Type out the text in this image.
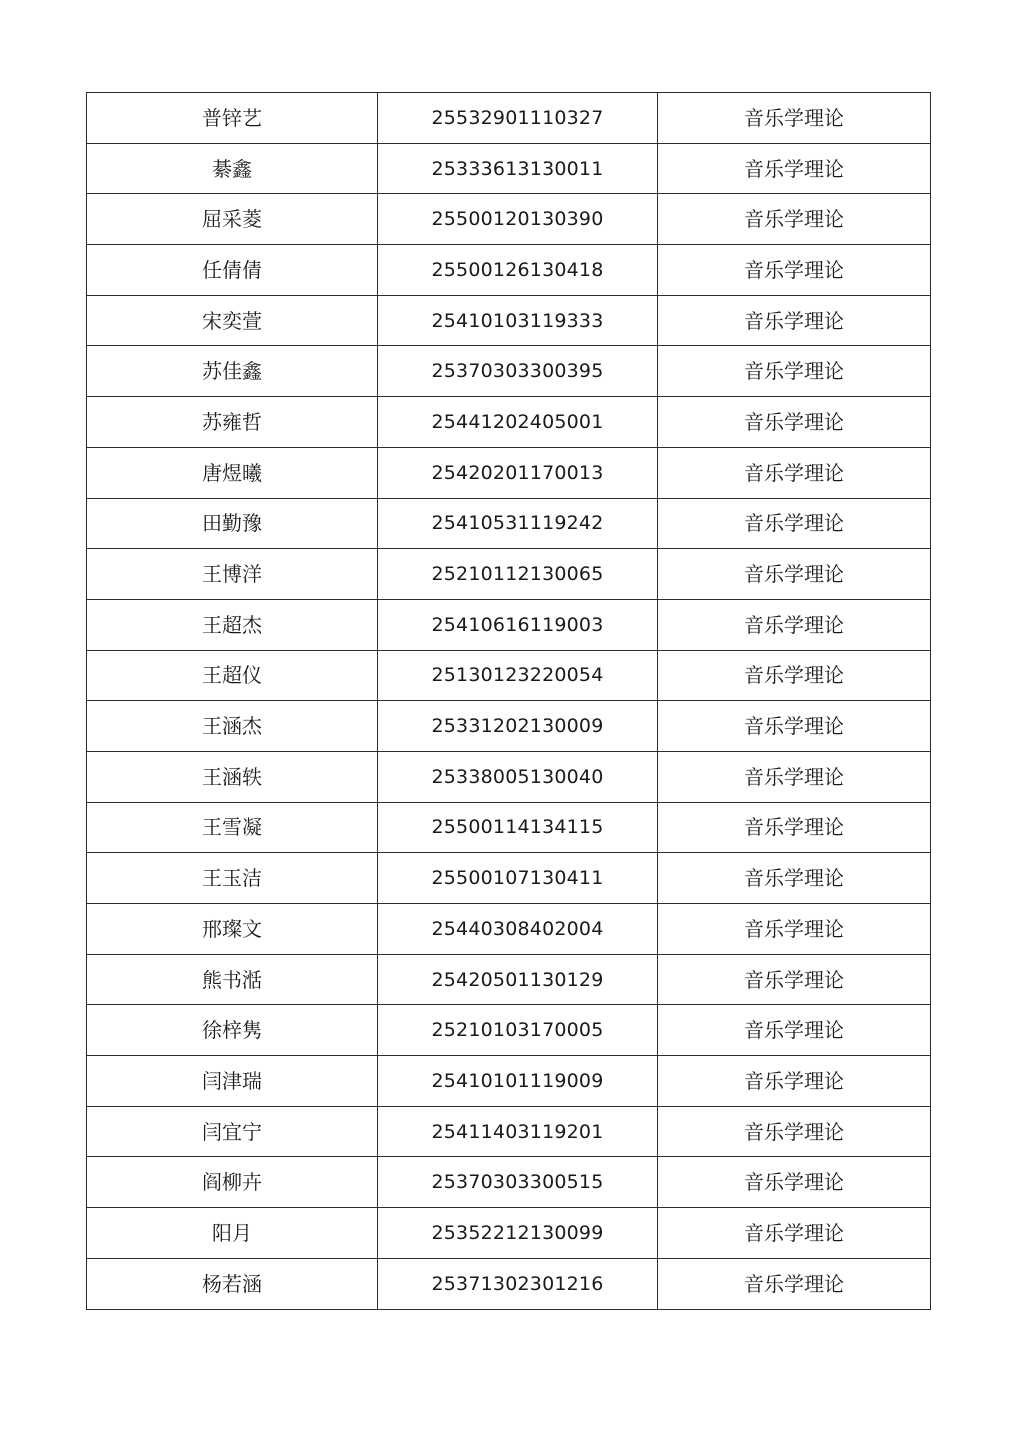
普锌艺	25532901110327	音乐学理论
綦鑫	25333613130011	音乐学理论
屈采菱	25500120130390	音乐学理论
任倩倩	25500126130418	音乐学理论
宋奕萱	25410103119333	音乐学理论
苏佳鑫	25370303300395	音乐学理论
苏雍哲	25441202405001	音乐学理论
唐煜曦	25420201170013	音乐学理论
田勤豫	25410531119242	音乐学理论
王博洋	25210112130065	音乐学理论
王超杰	25410616119003	音乐学理论
王超仪	25130123220054	音乐学理论
王涵杰	25331202130009	音乐学理论
王涵轶	25338005130040	音乐学理论
王雪凝	25500114134115	音乐学理论
王玉洁	25500107130411	音乐学理论
邢璨文	25440308402004	音乐学理论
熊书湉	25420501130129	音乐学理论
徐梓隽	25210103170005	音乐学理论
闫津瑞	25410101119009	音乐学理论
闫宜宁	25411403119201	音乐学理论
阎柳卉	25370303300515	音乐学理论
阳月	25352212130099	音乐学理论
杨若涵	25371302301216	音乐学理论
